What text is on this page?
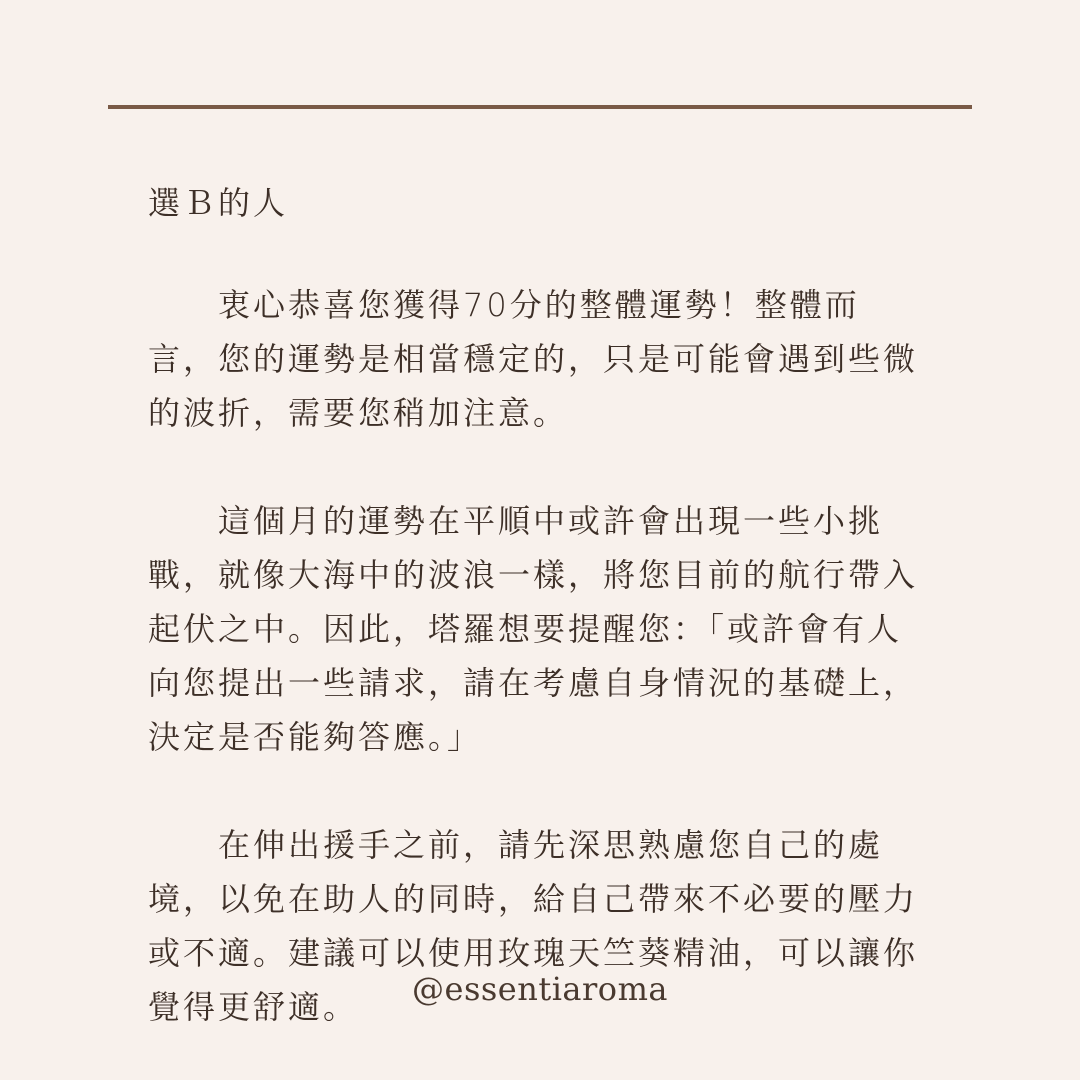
選Ｂ的人

　　衷心恭喜您獲得70分的整體運勢！整體而言，您的運勢是相當穩定的，只是可能會遇到些微的波折，需要您稍加注意。

　　這個月的運勢在平順中或許會出現一些小挑戰，就像大海中的波浪一樣，將您目前的航行帶入起伏之中。因此，塔羅想要提醒您：「或許會有人向您提出一些請求，請在考慮自身情況的基礎上，決定是否能夠答應。」

　　在伸出援手之前，請先深思熟慮您自己的處境，以免在助人的同時，給自己帶來不必要的壓力或不適。建議可以使用玫瑰天竺葵精油，可以讓你覺得更舒適。	@essentiaroma
